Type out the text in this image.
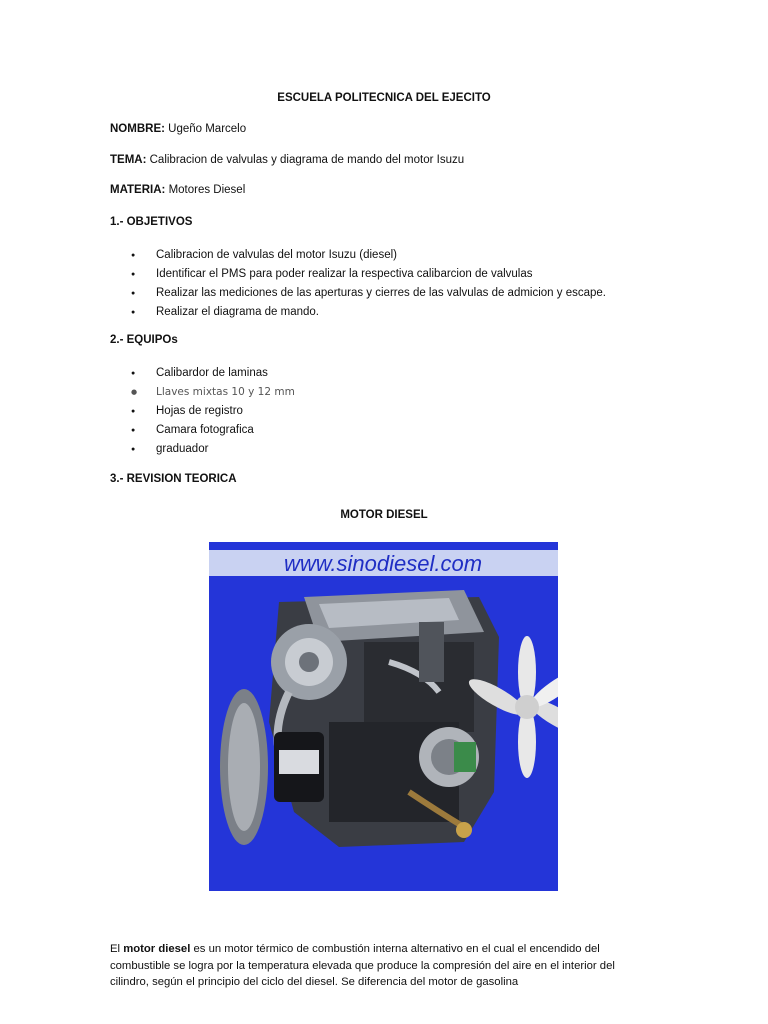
ESCUELA POLITECNICA DEL EJECITO
NOMBRE: Ugeño Marcelo
TEMA: Calibracion de valvulas y diagrama de mando del motor Isuzu
MATERIA: Motores Diesel
1.- OBJETIVOS
● Calibracion de valvulas del motor Isuzu (diesel)
● Identificar el PMS para poder realizar la respectiva calibarcion de valvulas
● Realizar las mediciones de las aperturas y cierres de las valvulas de admicion y escape.
● Realizar el diagrama de mando.
2.- EQUIPOs
● Calibardor de laminas
● Llaves mixtas 10 y 12 mm
● Hojas de registro
● Camara fotografica
● graduador
3.- REVISION TEORICA
MOTOR DIESEL
www.sinodiesel.com
El motor diesel es un motor térmico de combustión interna alternativo en el cual el encendido del combustible se logra por la temperatura elevada que produce la compresión del aire en el interior del cilindro, según el principio del ciclo del diesel. Se diferencia del motor de gasolina
